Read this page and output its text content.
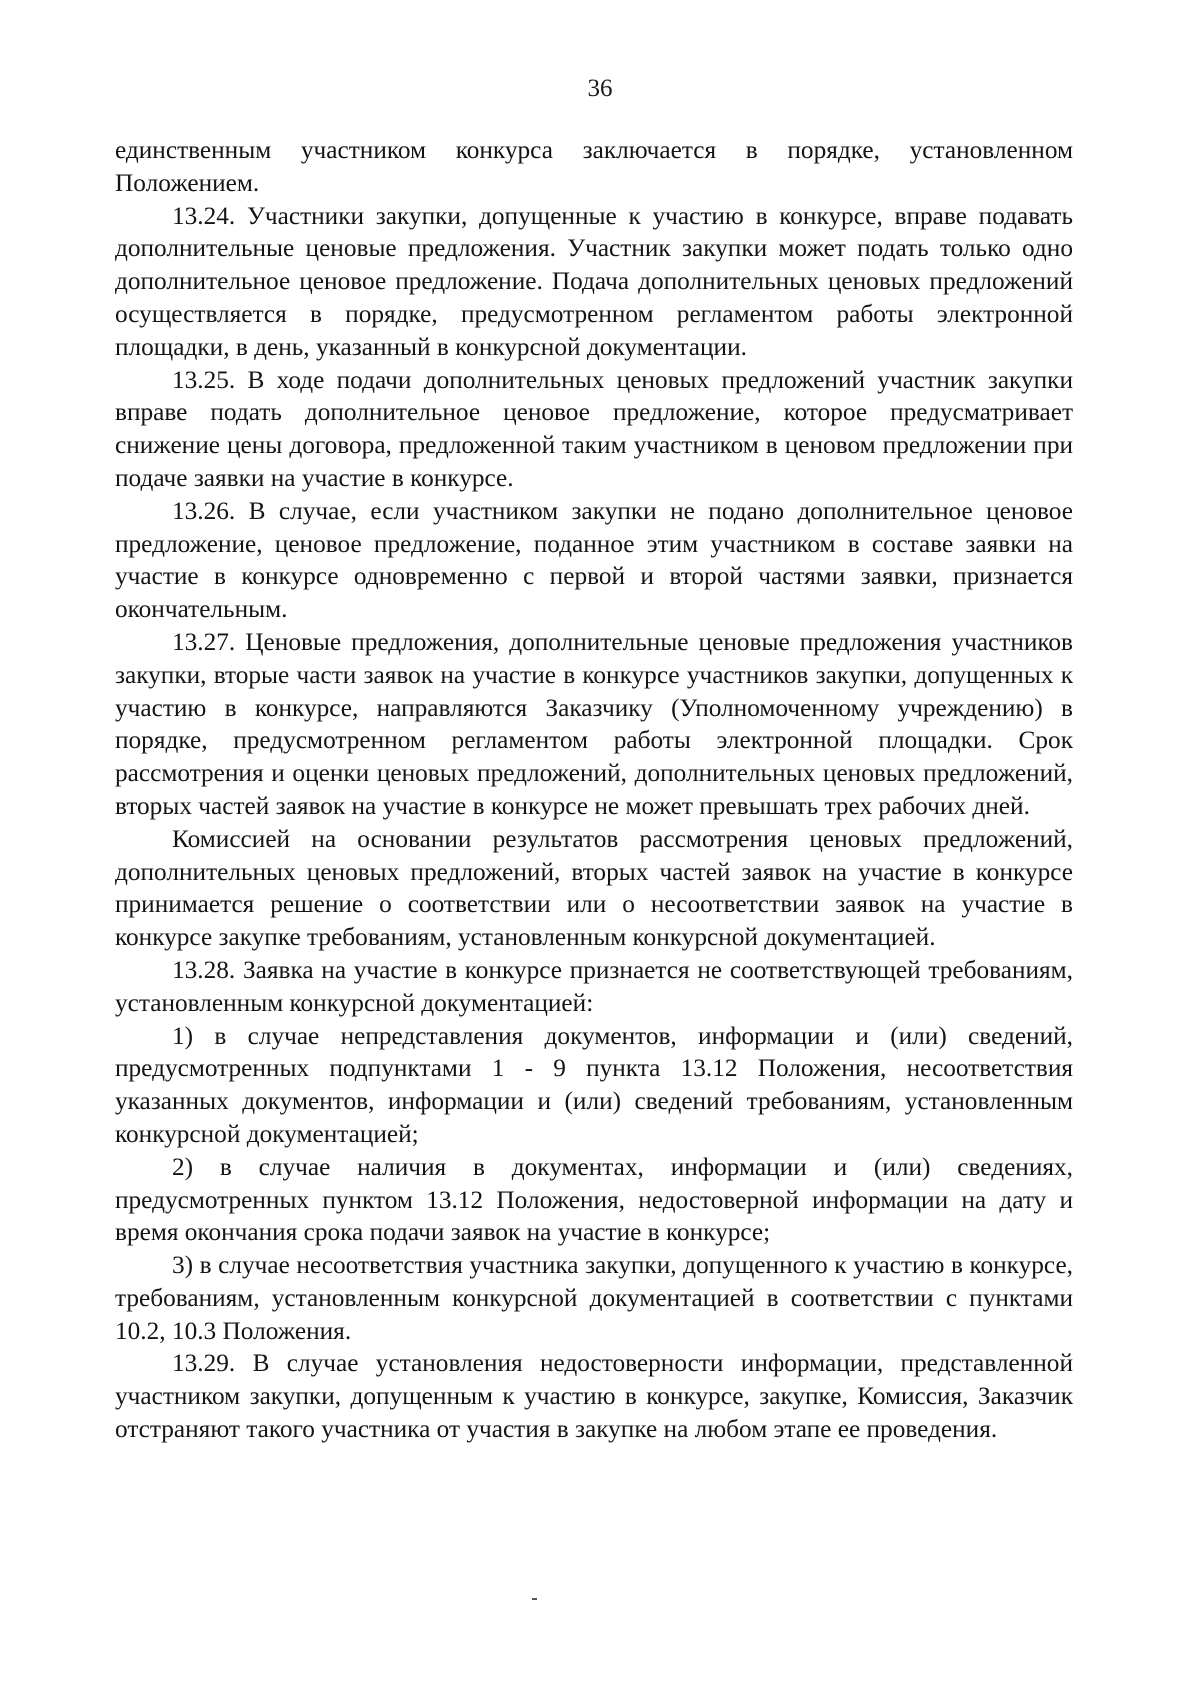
36

единственным участником конкурса заключается в порядке, установленном Положением.

13.24. Участники закупки, допущенные к участию в конкурсе, вправе подавать дополнительные ценовые предложения. Участник закупки может подать только одно дополнительное ценовое предложение. Подача дополнительных ценовых предложений осуществляется в порядке, предусмотренном регламентом работы электронной площадки, в день, указанный в конкурсной документации.

13.25. В ходе подачи дополнительных ценовых предложений участник закупки вправе подать дополнительное ценовое предложение, которое предусматривает снижение цены договора, предложенной таким участником в ценовом предложении при подаче заявки на участие в конкурсе.

13.26. В случае, если участником закупки не подано дополнительное ценовое предложение, ценовое предложение, поданное этим участником в составе заявки на участие в конкурсе одновременно с первой и второй частями заявки, признается окончательным.

13.27. Ценовые предложения, дополнительные ценовые предложения участников закупки, вторые части заявок на участие в конкурсе участников закупки, допущенных к участию в конкурсе, направляются Заказчику (Уполномоченному учреждению) в порядке, предусмотренном регламентом работы электронной площадки. Срок рассмотрения и оценки ценовых предложений, дополнительных ценовых предложений, вторых частей заявок на участие в конкурсе не может превышать трех рабочих дней.

Комиссией на основании результатов рассмотрения ценовых предложений, дополнительных ценовых предложений, вторых частей заявок на участие в конкурсе принимается решение о соответствии или о несоответствии заявок на участие в конкурсе закупке требованиям, установленным конкурсной документацией.

13.28. Заявка на участие в конкурсе признается не соответствующей требованиям, установленным конкурсной документацией:

1) в случае непредставления документов, информации и (или) сведений, предусмотренных подпунктами 1 - 9 пункта 13.12 Положения, несоответствия указанных документов, информации и (или) сведений требованиям, установленным конкурсной документацией;

2) в случае наличия в документах, информации и (или) сведениях, предусмотренных пунктом 13.12 Положения, недостоверной информации на дату и время окончания срока подачи заявок на участие в конкурсе;

3) в случае несоответствия участника закупки, допущенного к участию в конкурсе, требованиям, установленным конкурсной документацией в соответствии с пунктами 10.2, 10.3 Положения.

13.29. В случае установления недостоверности информации, представленной участником закупки, допущенным к участию в конкурсе, закупке, Комиссия, Заказчик отстраняют такого участника от участия в закупке на любом этапе ее проведения.
